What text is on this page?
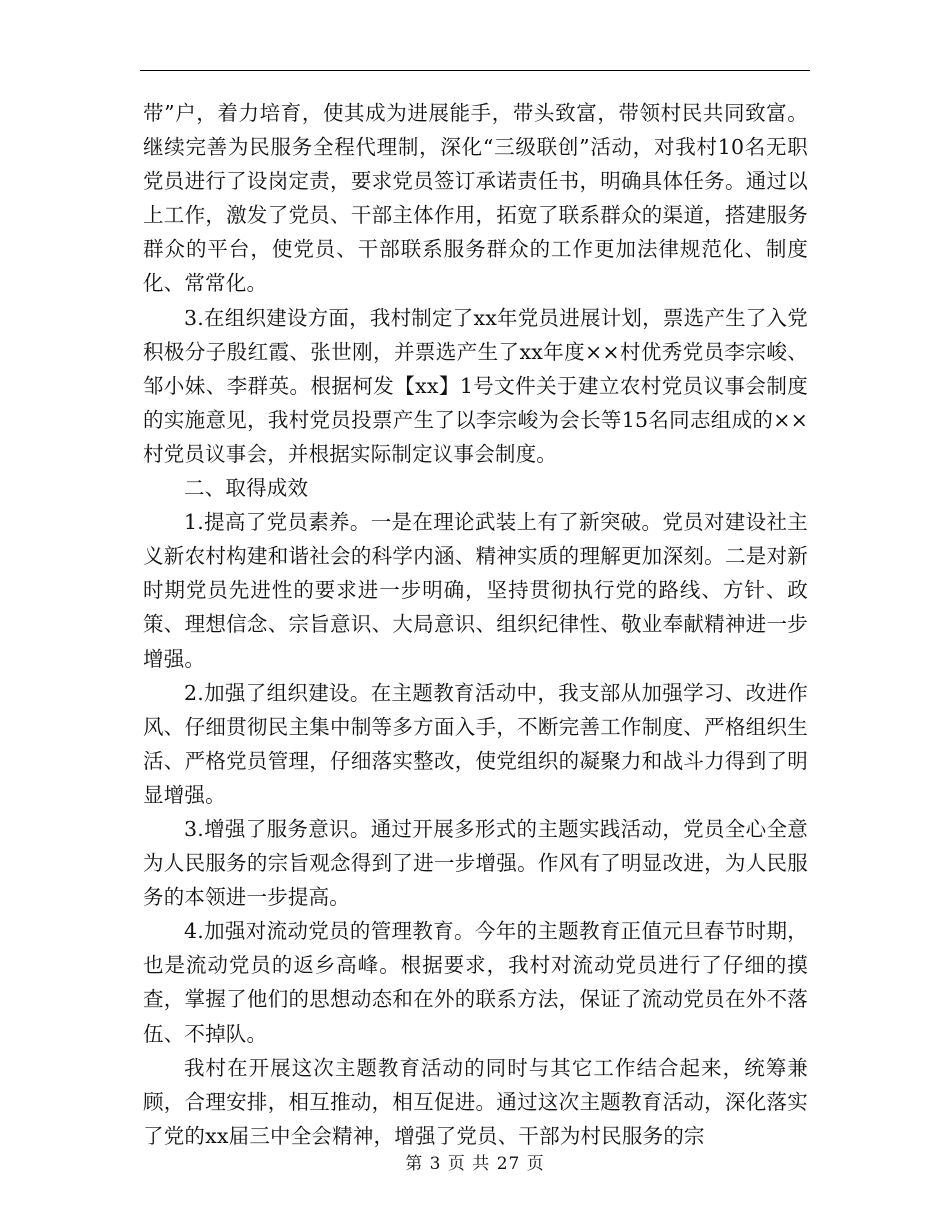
带”户，着力培育，使其成为进展能手，带头致富，带领村民共同致富。继续完善为民服务全程代理制，深化“三级联创”活动，对我村10名无职党员进行了设岗定责，要求党员签订承诺责任书，明确具体任务。通过以上工作，激发了党员、干部主体作用，拓宽了联系群众的渠道，搭建服务群众的平台，使党员、干部联系服务群众的工作更加法律规范化、制度化、常常化。

3.在组织建设方面，我村制定了xx年党员进展计划，票选产生了入党积极分子殷红霞、张世刚，并票选产生了xx年度××村优秀党员李宗峻、邹小妹、李群英。根据柯发【xx】1号文件关于建立农村党员议事会制度的实施意见，我村党员投票产生了以李宗峻为会长等15名同志组成的××村党员议事会，并根据实际制定议事会制度。

二、取得成效

1.提高了党员素养。一是在理论武装上有了新突破。党员对建设社主义新农村构建和谐社会的科学内涵、精神实质的理解更加深刻。二是对新时期党员先进性的要求进一步明确，坚持贯彻执行党的路线、方针、政策、理想信念、宗旨意识、大局意识、组织纪律性、敬业奉献精神进一步增强。

2.加强了组织建设。在主题教育活动中，我支部从加强学习、改进作风、仔细贯彻民主集中制等多方面入手，不断完善工作制度、严格组织生活、严格党员管理，仔细落实整改，使党组织的凝聚力和战斗力得到了明显增强。

3.增强了服务意识。通过开展多形式的主题实践活动，党员全心全意为人民服务的宗旨观念得到了进一步增强。作风有了明显改进，为人民服务的本领进一步提高。

4.加强对流动党员的管理教育。今年的主题教育正值元旦春节时期，也是流动党员的返乡高峰。根据要求，我村对流动党员进行了仔细的摸查，掌握了他们的思想动态和在外的联系方法，保证了流动党员在外不落伍、不掉队。

我村在开展这次主题教育活动的同时与其它工作结合起来，统筹兼顾，合理安排，相互推动，相互促进。通过这次主题教育活动，深化落实了党的xx届三中全会精神，增强了党员、干部为村民服务的宗

第 3 页 共 27 页
